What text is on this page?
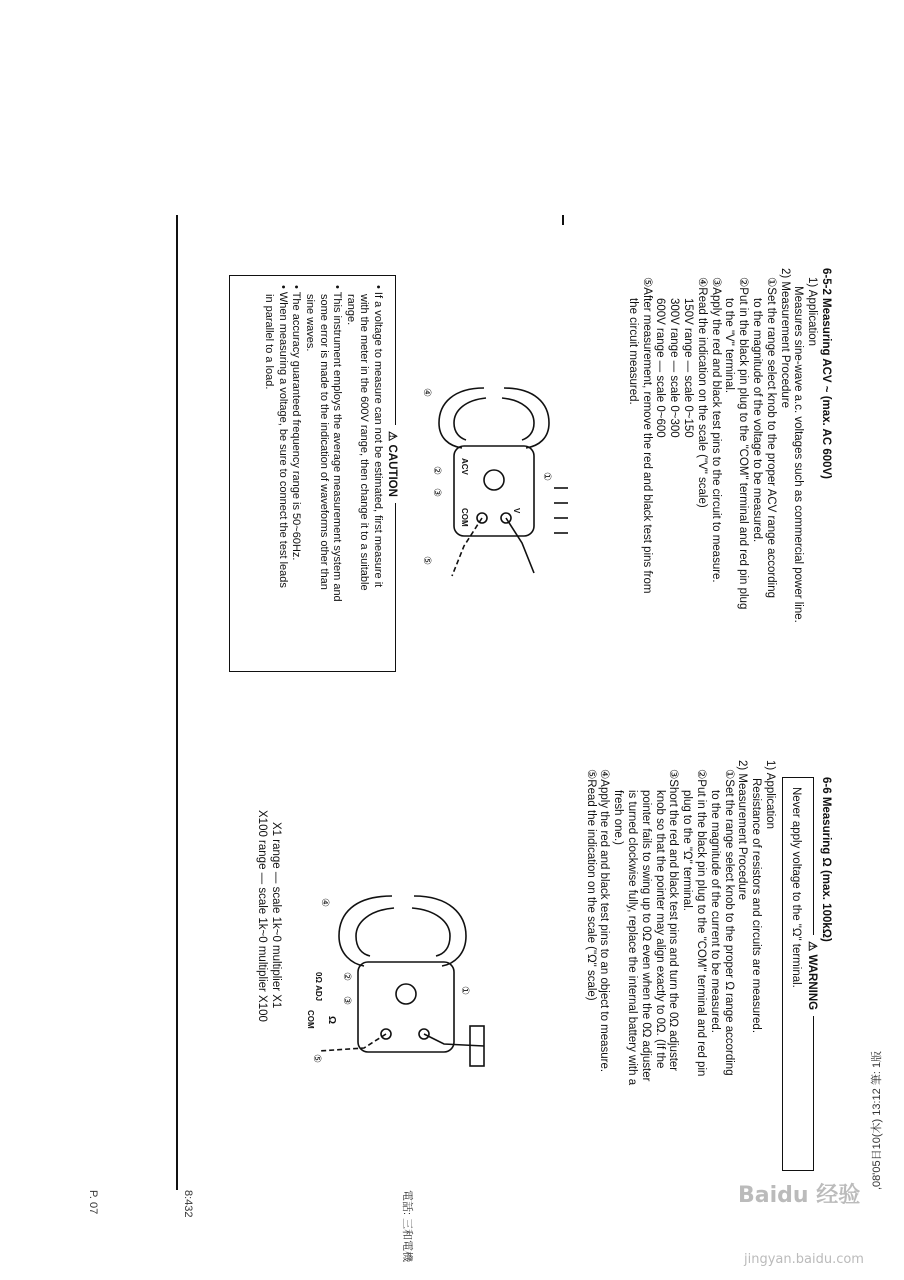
6-5-2 Measuring ACV ~ (max. AC 600V)
1) Application
Measures sine-wave a.c. voltages such as commercial power line.
2) Measurement Procedure
①Set the range select knob to the proper ACV range according
to the magnitude of the voltage to be measured.
②Put in the black pin plug to the "COM" terminal and red pin plug
to the "V" terminal.
③Apply the red and black test pins to the circuit to measure.
④Read the indication on the scale ("V" scale)
150V range — scale 0~150
300V range — scale 0~300
600V range — scale 0~600
⑤After measurement, remove the red and black test pins from
the circuit measured.
①
②
③
④
⑤
ACV
COM	V
⚠ CAUTION
• If a voltage to measure can not be estimated, first measure it
with the meter in the 600V range, then change it to a suitable
range.
• This instrument employs the average measurement system and
some error is made to the indication of waveforms other than
sine waves.
• The accuracy guaranteed frequency range is 50~60Hz.
• When measuring a voltage, be sure to connect the test leads
in parallel to a load.
6-6 Measuring Ω (max. 100kΩ)
⚠ WARNING
Never apply voltage to the "Ω" terminal.
1) Application
Resistance of resistors and circuits are measured.
2) Measurement Procedure
①Set the range select knob to the proper Ω range according
to the magnitude of the current to be measured.
②Put in the black pin plug to the "COM" terminal and red pin
plug to the "Ω" terminal.
③Short the red and black test pins and turn the 0Ω adjuster
knob so that the pointer may align exactly to 0Ω. (If the
pointer fails to swing up to 0Ω even when the 0Ω adjuster
is turned clockwise fully, replace the internal battery with a
fresh one.)
④Apply the red and black test pins to an object to measure.
⑤Read the indication on the scale ("Ω" scale)
①
②
③
④
⑤
Ω
0Ω ADJ
COM
X1 range — scale 1k~0 multiplier X1
X100 range — scale 1k~0 multiplier X100
,08'05日10(木) 13:12 筆: 1版
電話: 三和電機
8:432
P. 07	Baidu 经验
jingyan.baidu.com
